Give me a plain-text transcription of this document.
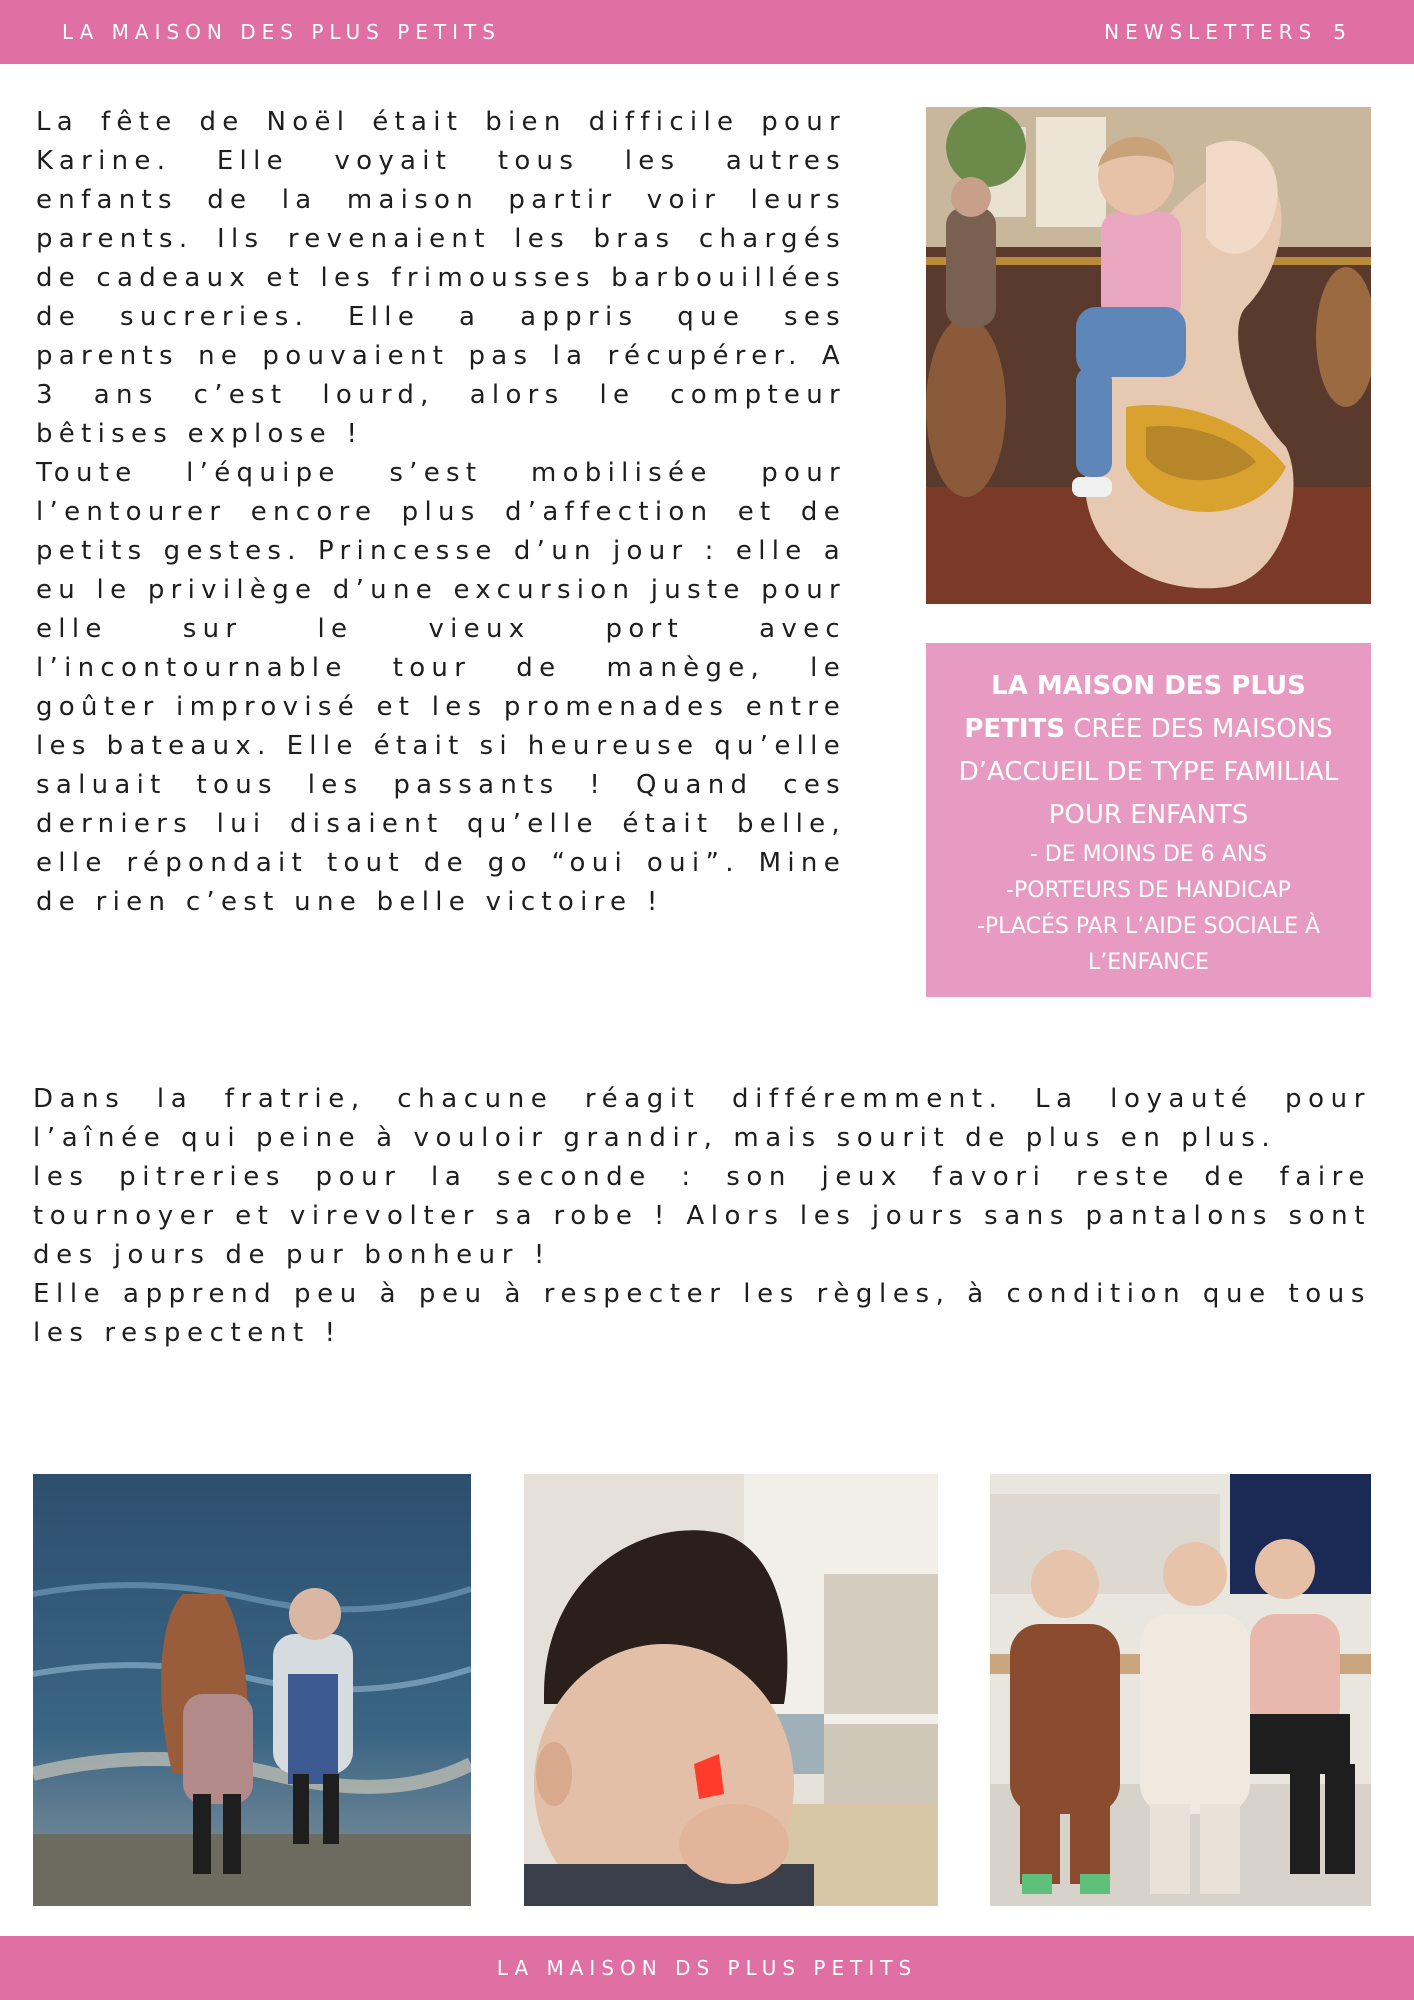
LA MAISON DES PLUS PETITS	NEWSLETTERS 5

La fête de Noël était bien difficile pour Karine. Elle voyait tous les autres enfants de la maison partir voir leurs parents. Ils revenaient les bras chargés de cadeaux et les frimousses barbouillées de sucreries. Elle a appris que ses parents ne pouvaient pas la récupérer. A 3 ans c’est lourd, alors le compteur bêtises explose !

Toute l’équipe s’est mobilisée pour l’entourer encore plus d’affection et de petits gestes. Princesse d’un jour : elle a eu le privilège d’une excursion juste pour elle sur le vieux port avec l’incontournable tour de manège, le goûter improvisé et les promenades entre les bateaux. Elle était si heureuse qu’elle saluait tous les passants ! Quand ces derniers lui disaient qu’elle était belle, elle répondait tout de go “oui oui”. Mine de rien c’est une belle victoire !

LA MAISON DES PLUS PETITS CRÉE DES MAISONS D’ACCUEIL DE TYPE FAMILIAL POUR ENFANTS

- DE MOINS DE 6 ANS

-PORTEURS DE HANDICAP

-PLACÉS PAR L’AIDE SOCIALE À L’ENFANCE

Dans la fratrie, chacune réagit différemment. La loyauté pour l’aînée qui peine à vouloir grandir, mais sourit de plus en plus.

les pitreries pour la seconde : son jeux favori reste de faire tournoyer et virevolter sa robe ! Alors les jours sans pantalons sont des jours de pur bonheur !

Elle apprend peu à peu à respecter les règles, à condition que tous les respectent !

LA MAISON DS PLUS PETITS
